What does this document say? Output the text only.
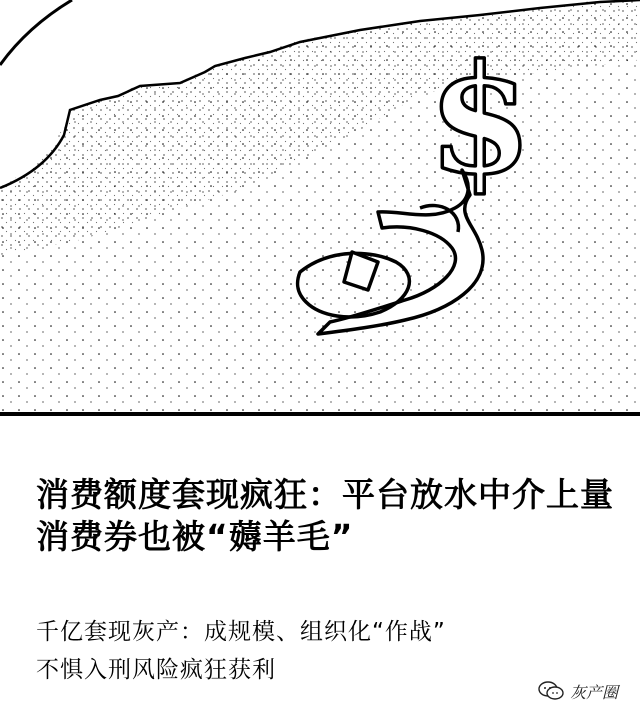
$
消费额度套现疯狂：平台放水中介上量
消费券也被“薅羊毛”
千亿套现灰产：成规模、组织化“作战”
不惧入刑风险疯狂获利
灰产圈
